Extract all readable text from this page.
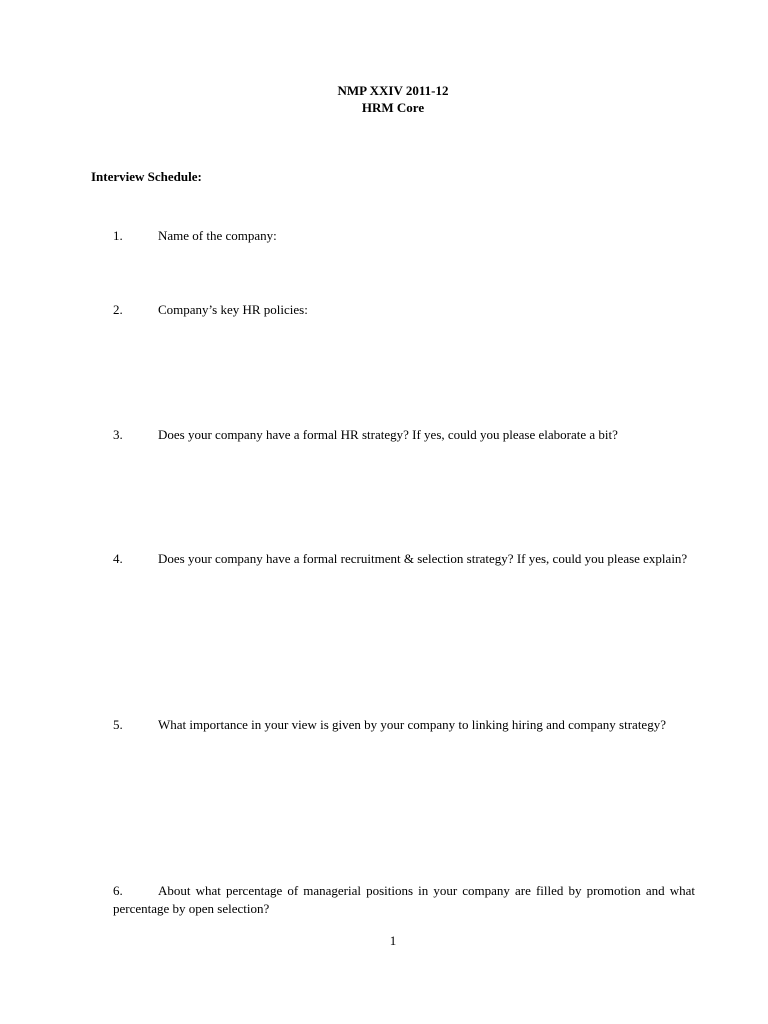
NMP XXIV 2011-12
HRM Core
Interview Schedule:
1.	Name of the company:
2.	Company’s key HR policies:
3.	Does your company have a formal HR strategy? If yes, could you please elaborate a bit?
4.	Does your company have a formal recruitment & selection strategy? If yes, could you please explain?
5.	What importance in your view is given by your company to linking hiring and company strategy?
6.	About what percentage of managerial positions in your company are filled by promotion and what percentage by open selection?
1
